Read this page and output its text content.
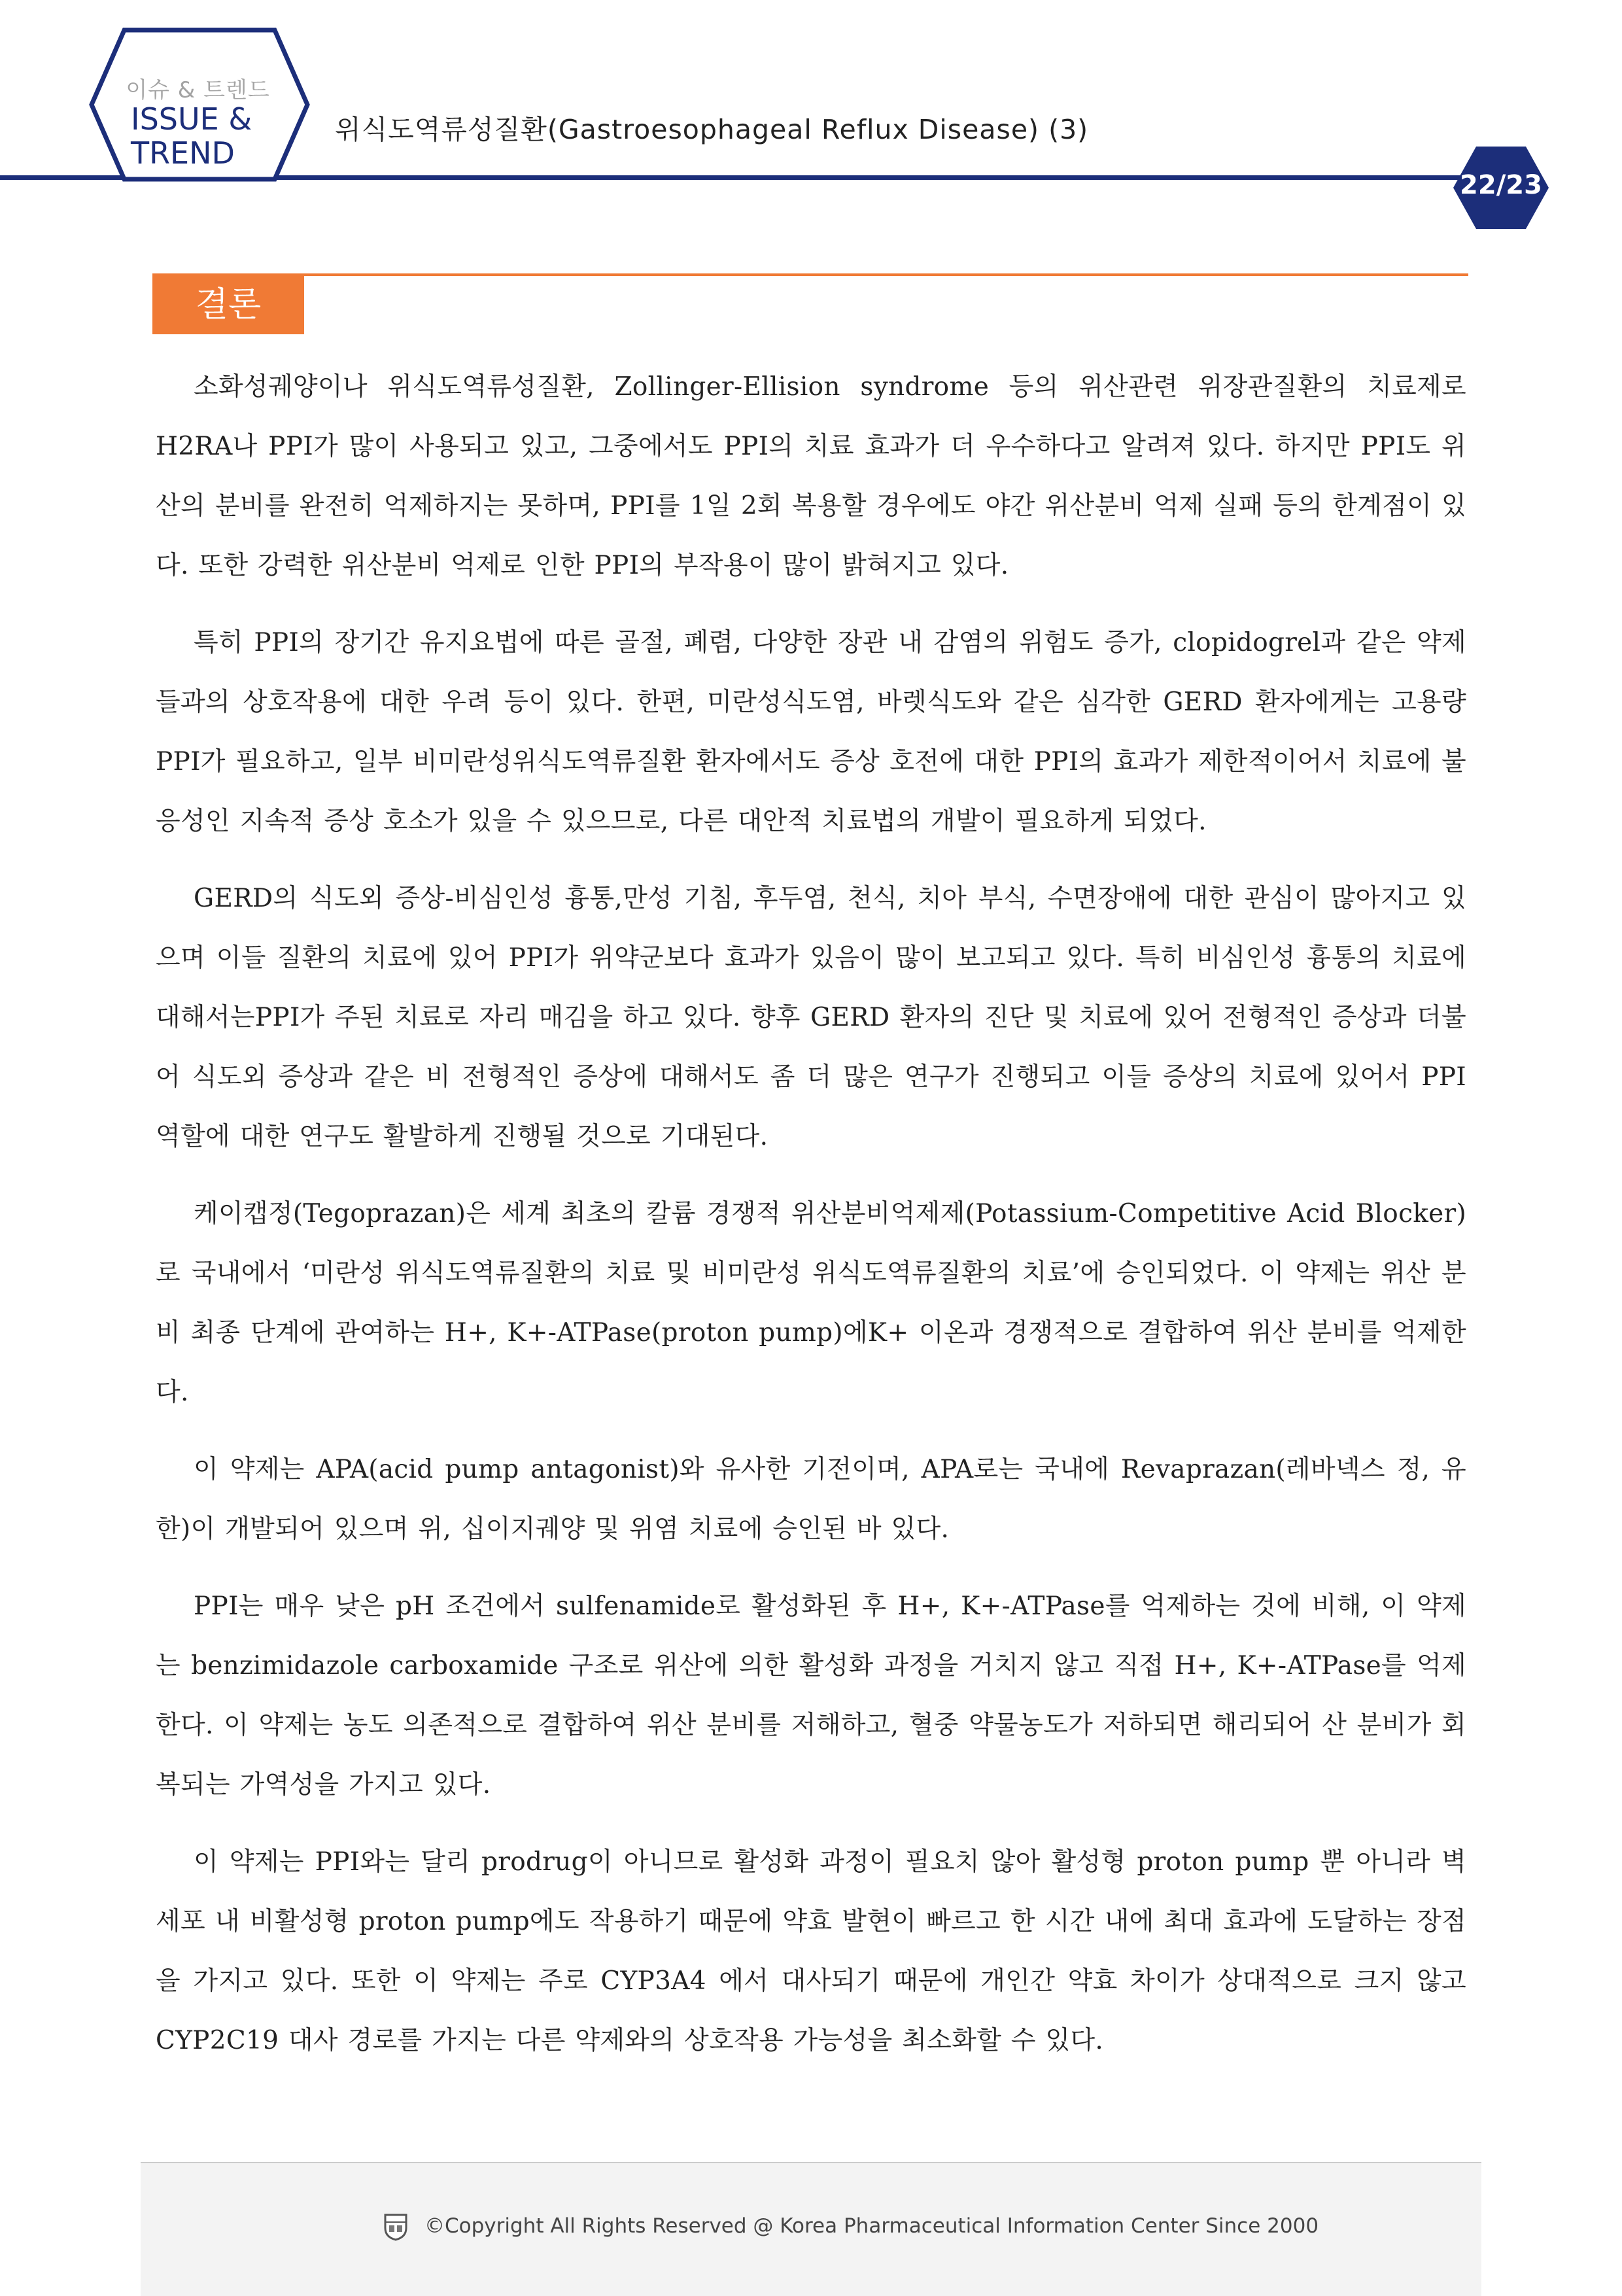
이슈 & 트렌드
ISSUE &
TREND
위식도역류성질환(Gastroesophageal Reflux Disease) (3)
22/23
결론

소화성궤양이나 위식도역류성질환, Zollinger-Ellision syndrome 등의 위산관련 위장관질환의 치료제로 H2RA나 PPI가 많이 사용되고 있고, 그중에서도 PPI의 치료 효과가 더 우수하다고 알려져 있다. 하지만 PPI도 위산의 분비를 완전히 억제하지는 못하며, PPI를 1일 2회 복용할 경우에도 야간 위산분비 억제 실패 등의 한계점이 있다. 또한 강력한 위산분비 억제로 인한 PPI의 부작용이 많이 밝혀지고 있다.

특히 PPI의 장기간 유지요법에 따른 골절, 폐렴, 다양한 장관 내 감염의 위험도 증가, clopidogrel과 같은 약제들과의 상호작용에 대한 우려 등이 있다. 한편, 미란성식도염, 바렛식도와 같은 심각한 GERD 환자에게는 고용량 PPI가 필요하고, 일부 비미란성위식도역류질환 환자에서도 증상 호전에 대한 PPI의 효과가 제한적이어서 치료에 불응성인 지속적 증상 호소가 있을 수 있으므로, 다른 대안적 치료법의 개발이 필요하게 되었다.

GERD의 식도외 증상-비심인성 흉통,만성 기침, 후두염, 천식, 치아 부식, 수면장애에 대한 관심이 많아지고 있으며 이들 질환의 치료에 있어 PPI가 위약군보다 효과가 있음이 많이 보고되고 있다. 특히 비심인성 흉통의 치료에 대해서는PPI가 주된 치료로 자리 매김을 하고 있다. 향후 GERD 환자의 진단 및 치료에 있어 전형적인 증상과 더불어 식도외 증상과 같은 비 전형적인 증상에 대해서도 좀 더 많은 연구가 진행되고 이들 증상의 치료에 있어서 PPI 역할에 대한 연구도 활발하게 진행될 것으로 기대된다.

케이캡정(Tegoprazan)은 세계 최초의 칼륨 경쟁적 위산분비억제제(Potassium-Competitive Acid Blocker)로 국내에서 ‘미란성 위식도역류질환의 치료 및 비미란성 위식도역류질환의 치료’에 승인되었다. 이 약제는 위산 분비 최종 단계에 관여하는 H+, K+-ATPase(proton pump)에K+ 이온과 경쟁적으로 결합하여 위산 분비를 억제한다.

이 약제는 APA(acid pump antagonist)와 유사한 기전이며, APA로는 국내에 Revaprazan(레바넥스 정, 유한)이 개발되어 있으며 위, 십이지궤양 및 위염 치료에 승인된 바 있다.

PPI는 매우 낮은 pH 조건에서 sulfenamide로 활성화된 후 H+, K+-ATPase를 억제하는 것에 비해, 이 약제는 benzimidazole carboxamide 구조로 위산에 의한 활성화 과정을 거치지 않고 직접 H+, K+-ATPase를 억제한다. 이 약제는 농도 의존적으로 결합하여 위산 분비를 저해하고, 혈중 약물농도가 저하되면 해리되어 산 분비가 회복되는 가역성을 가지고 있다.

이 약제는 PPI와는 달리 prodrug이 아니므로 활성화 과정이 필요치 않아 활성형 proton pump 뿐 아니라 벽세포 내 비활성형 proton pump에도 작용하기 때문에 약효 발현이 빠르고 한 시간 내에 최대 효과에 도달하는 장점을 가지고 있다. 또한 이 약제는 주로 CYP3A4 에서 대사되기 때문에 개인간 약효 차이가 상대적으로 크지 않고 CYP2C19 대사 경로를 가지는 다른 약제와의 상호작용 가능성을 최소화할 수 있다.

©Copyright All Rights Reserved @ Korea Pharmaceutical Information Center Since 2000
